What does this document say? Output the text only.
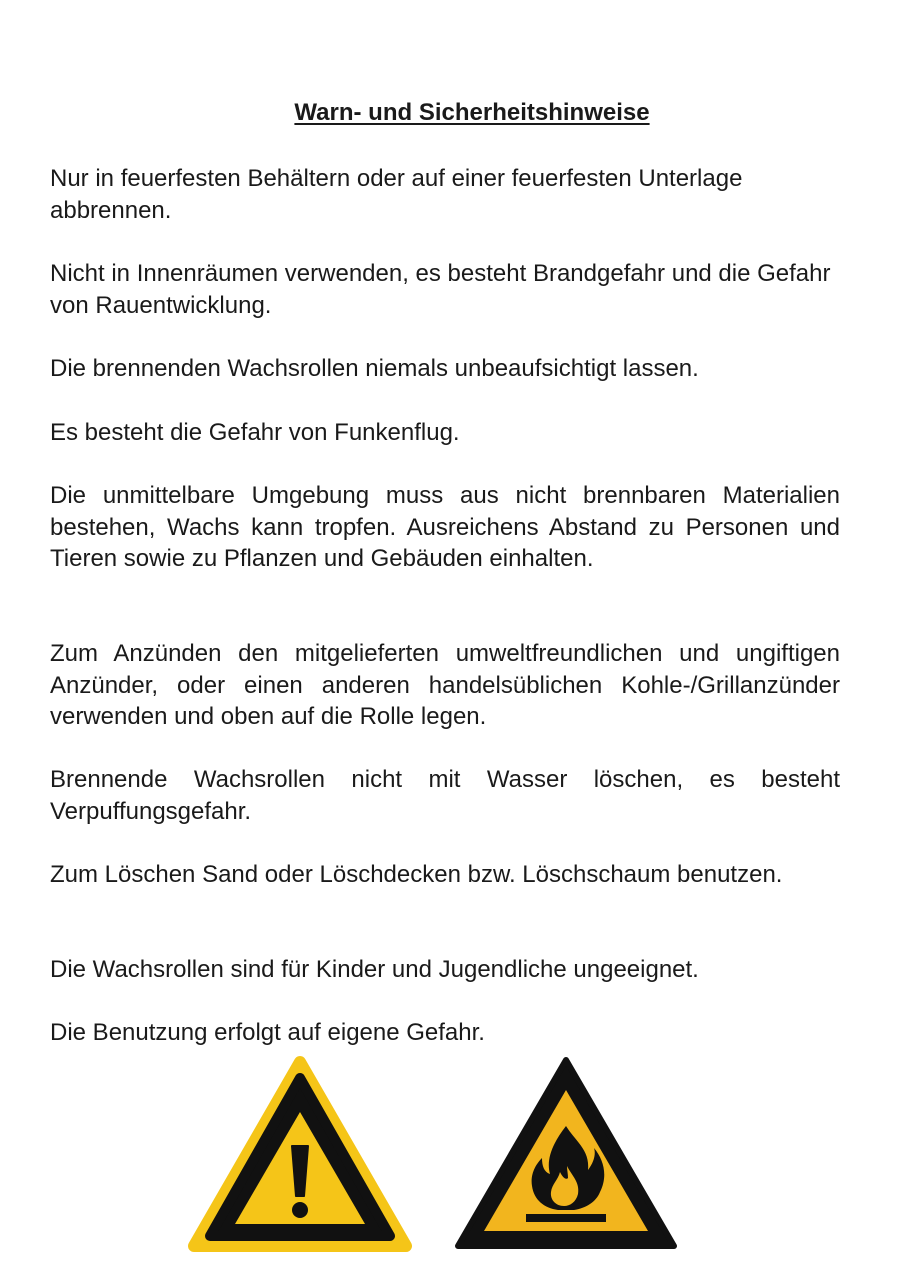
Warn- und Sicherheitshinweise

Nur in feuerfesten Behältern oder auf einer feuerfesten Unterlage abbrennen.

Nicht in Innenräumen verwenden, es besteht Brandgefahr und die Gefahr von Rauentwicklung.

Die brennenden Wachsrollen niemals unbeaufsichtigt lassen.

Es besteht die Gefahr von Funkenflug.

Die unmittelbare Umgebung muss aus nicht brennbaren Materialien bestehen, Wachs kann tropfen. Ausreichens Abstand zu Personen und Tieren sowie zu Pflanzen und Gebäuden einhalten.

Zum Anzünden den mitgelieferten umweltfreundlichen und ungiftigen Anzünder, oder einen anderen handelsüblichen Kohle-/Grillanzünder verwenden und oben auf die Rolle legen.

Brennende Wachsrollen nicht mit Wasser löschen, es besteht Verpuffungsgefahr.

Zum Löschen Sand oder Löschdecken bzw. Löschschaum benutzen.

Die Wachsrollen sind für Kinder und Jugendliche ungeeignet.

Die Benutzung erfolgt auf eigene Gefahr.
